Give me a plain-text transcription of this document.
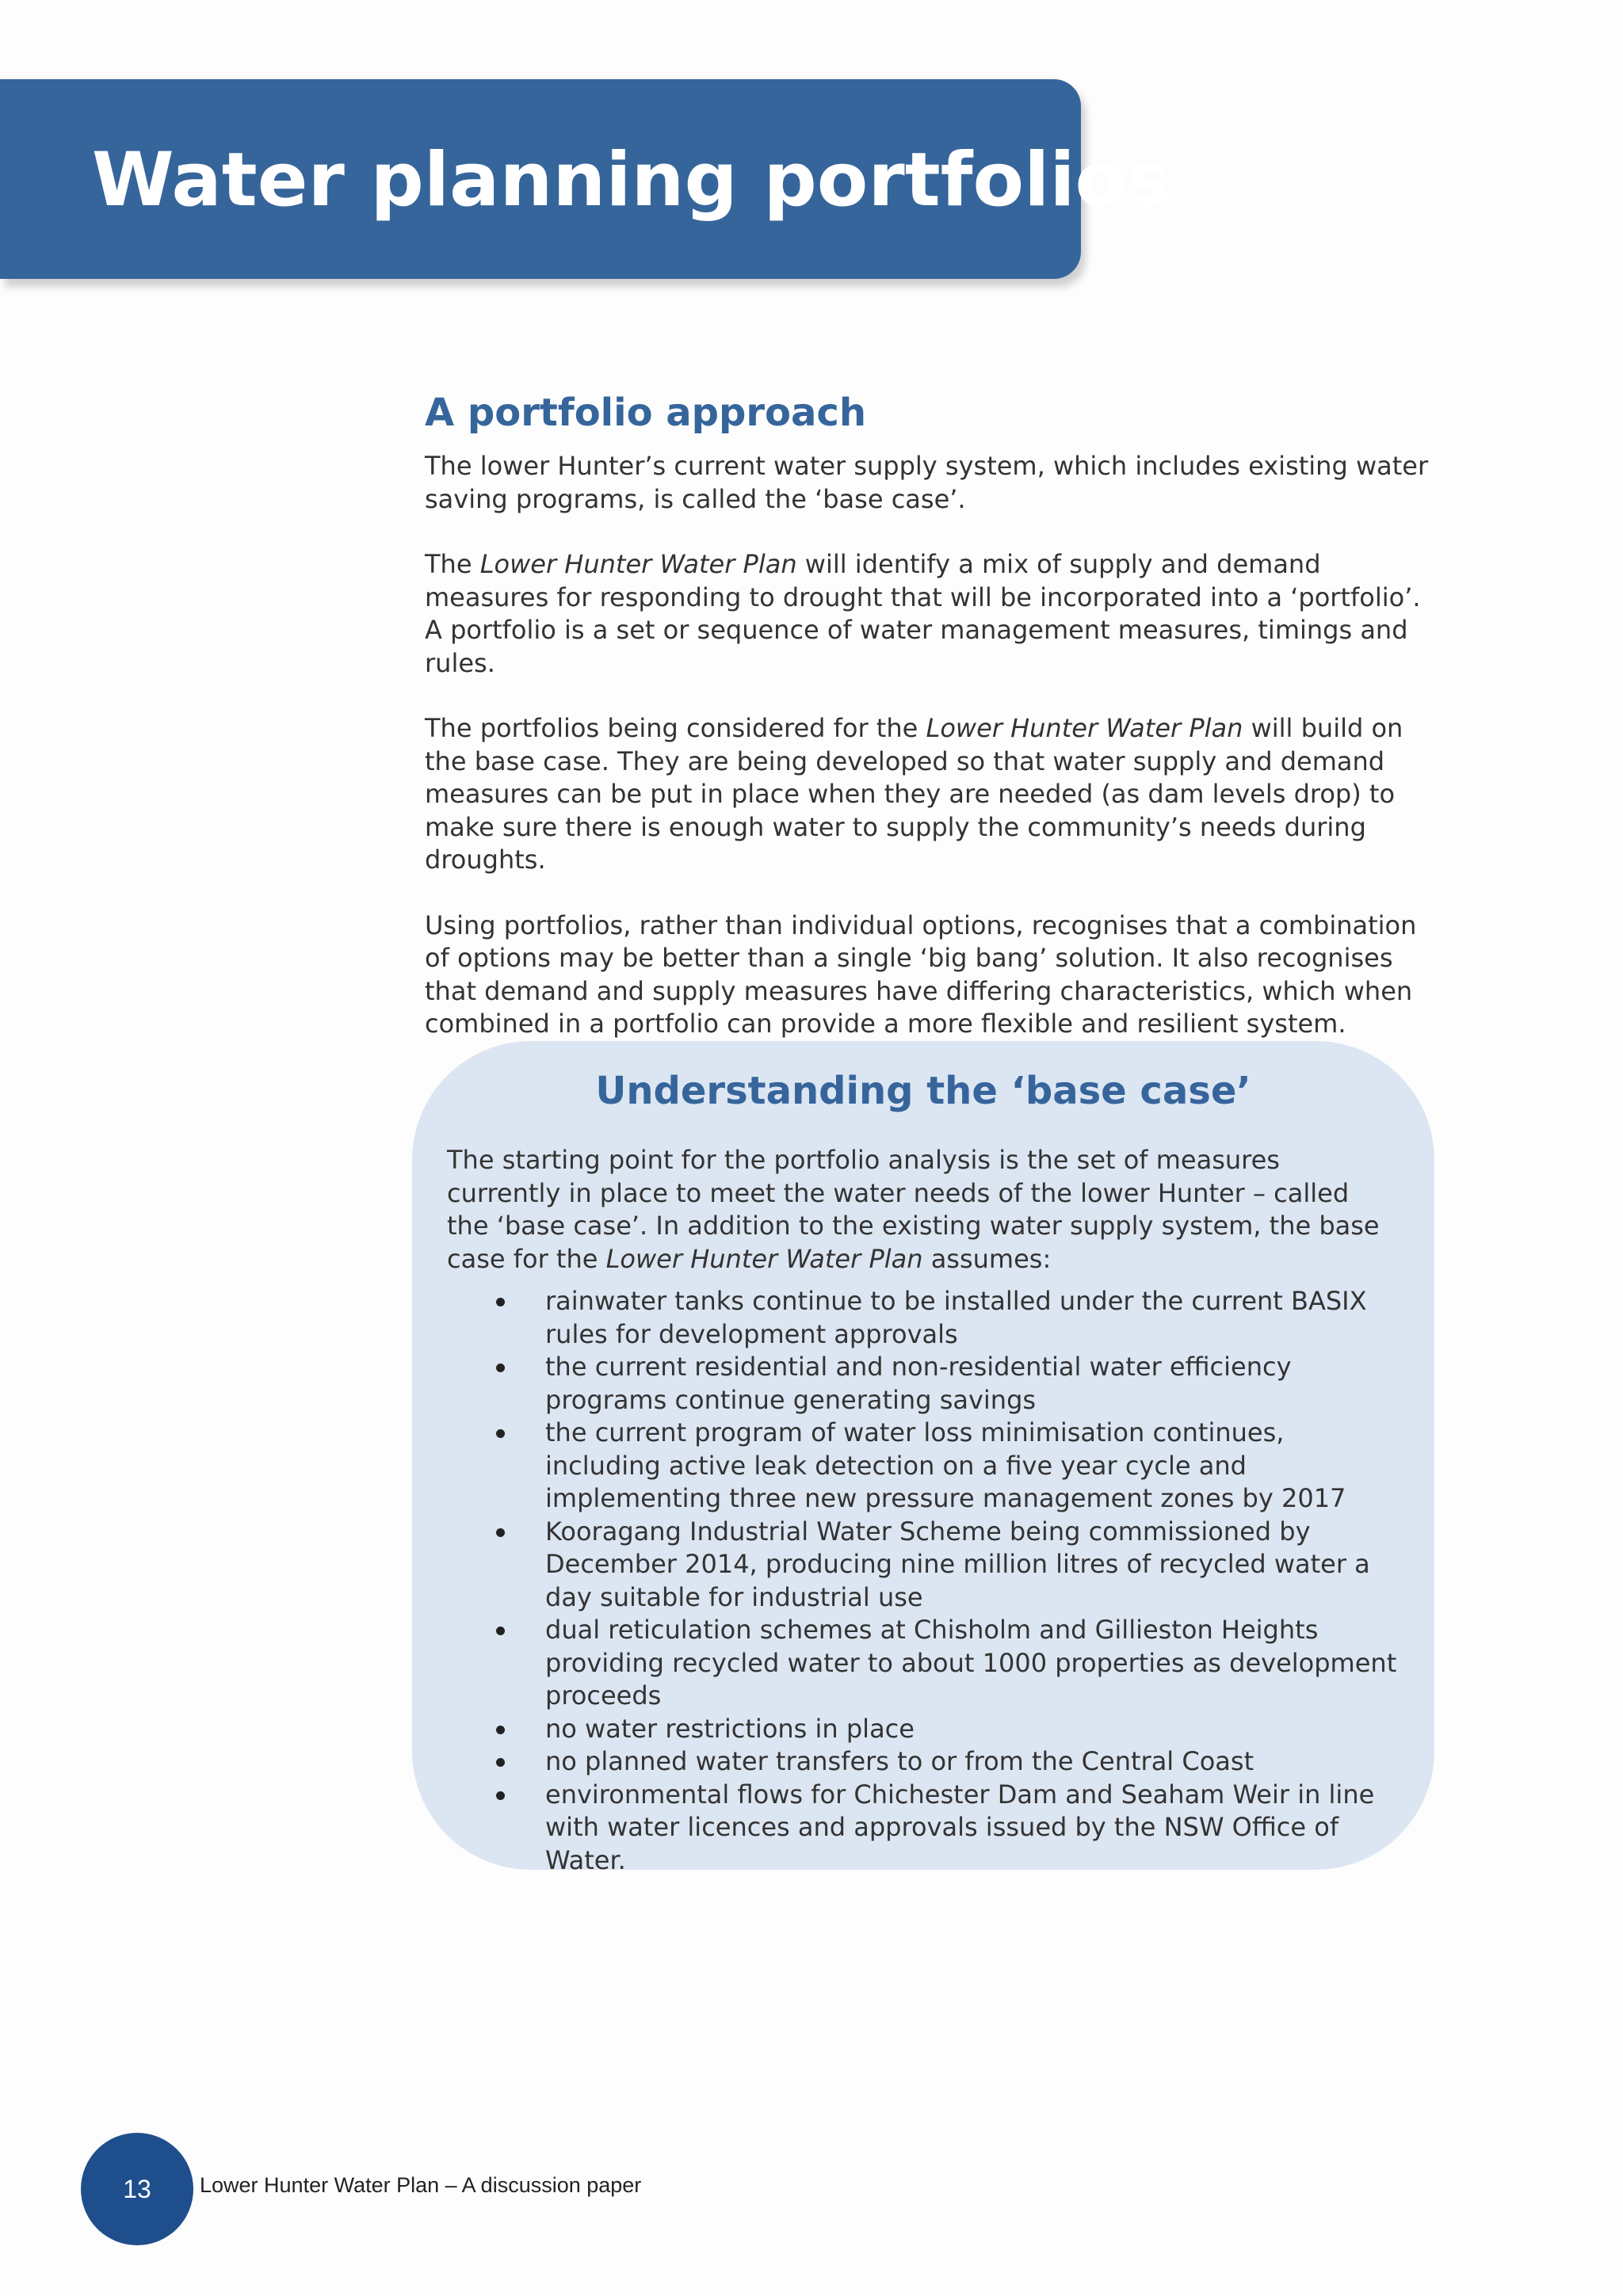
Water planning portfolios
A portfolio approach

The lower Hunter’s current water supply system, which includes existing water saving programs, is called the ‘base case’.

The Lower Hunter Water Plan will identify a mix of supply and demand measures for responding to drought that will be incorporated into a ‘portfolio’. A portfolio is a set or sequence of water management measures, timings and rules.

The portfolios being considered for the Lower Hunter Water Plan will build on the base case. They are being developed so that water supply and demand measures can be put in place when they are needed (as dam levels drop) to make sure there is enough water to supply the community’s needs during droughts.

Using portfolios, rather than individual options, recognises that a combination of options may be better than a single ‘big bang’ solution. It also recognises that demand and supply measures have differing characteristics, which when combined in a portfolio can provide a more flexible and resilient system.

Understanding the ‘base case’

The starting point for the portfolio analysis is the set of measures currently in place to meet the water needs of the lower Hunter – called the ‘base case’. In addition to the existing water supply system, the base case for the Lower Hunter Water Plan assumes:

rainwater tanks continue to be installed under the current BASIX rules for development approvals
the current residential and non-residential water efficiency programs continue generating savings
the current program of water loss minimisation continues, including active leak detection on a five year cycle and implementing three new pressure management zones by 2017
Kooragang Industrial Water Scheme being commissioned by December 2014, producing nine million litres of recycled water a day suitable for industrial use
dual reticulation schemes at Chisholm and Gillieston Heights providing recycled water to about 1000 properties as development proceeds
no water restrictions in place
no planned water transfers to or from the Central Coast
environmental flows for Chichester Dam and Seaham Weir in line with water licences and approvals issued by the NSW Office of Water.
13	Lower Hunter Water Plan – A discussion paper
